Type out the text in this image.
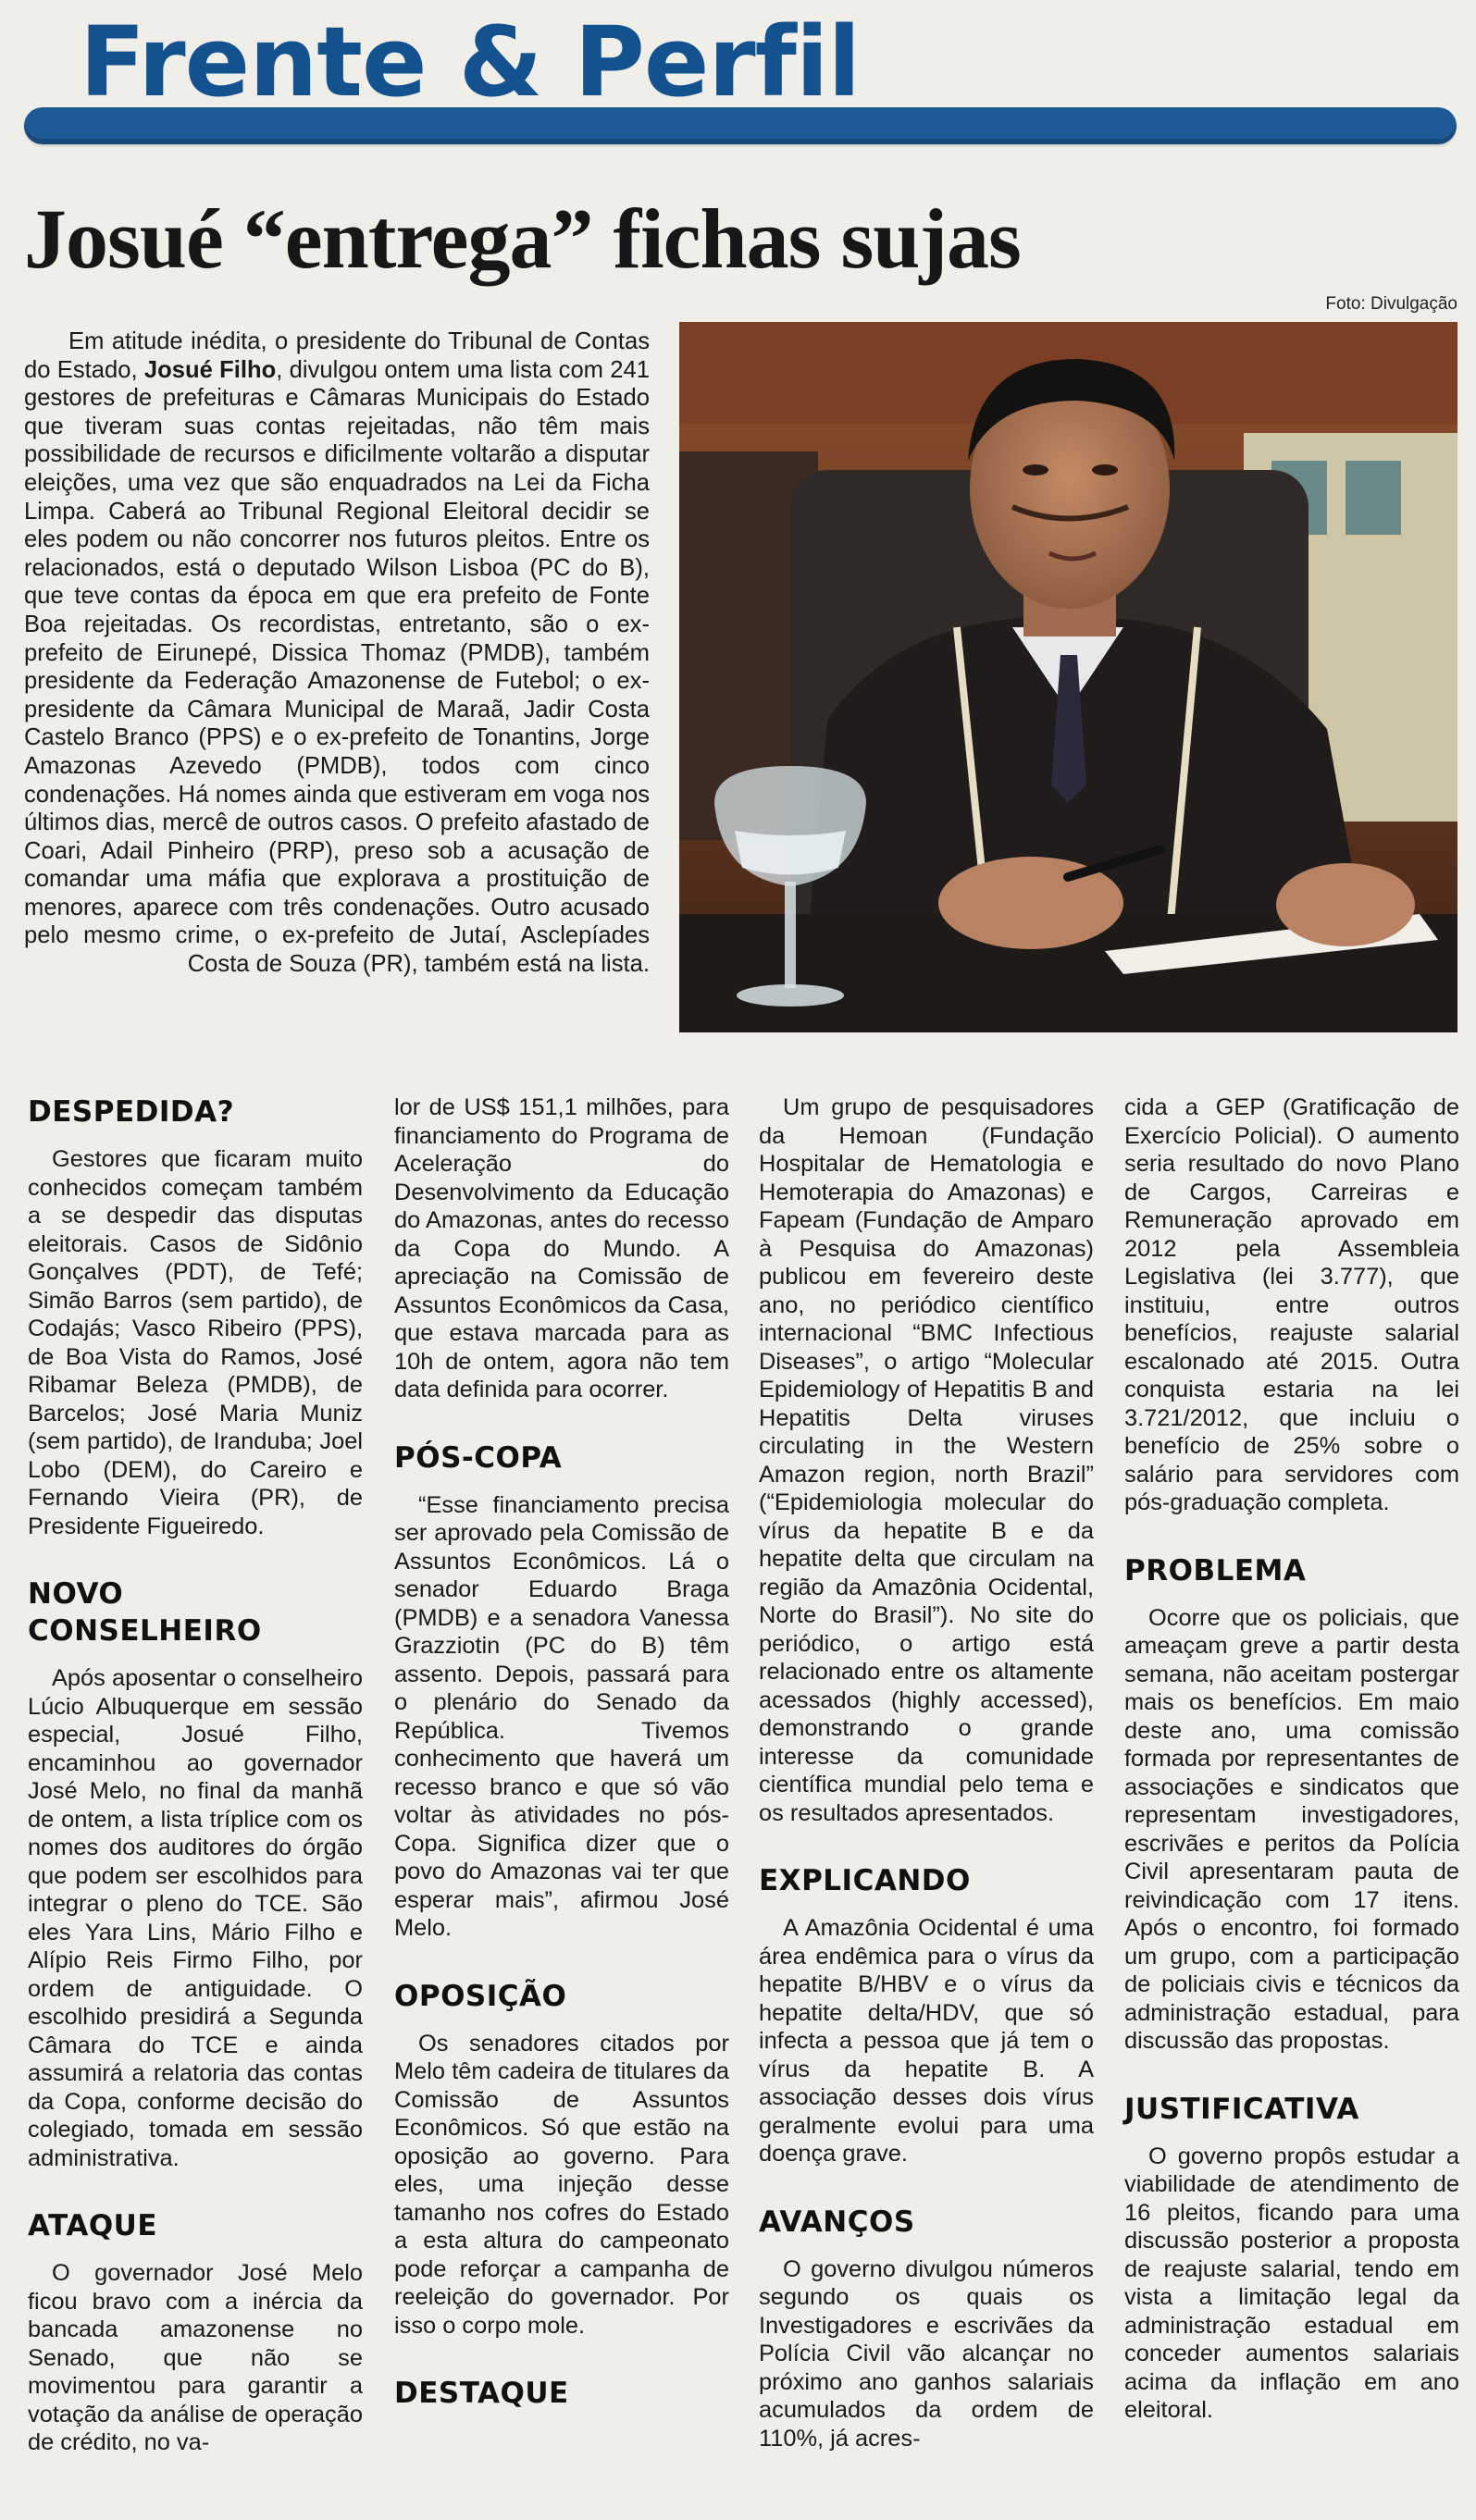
Frente & Perfil
Josué “entrega” fichas sujas
Foto: Divulgação

Em atitude inédita, o presidente do Tribunal de Contas do Estado, Josué Filho, divulgou ontem uma lista com 241 gestores de prefeituras e Câmaras Municipais do Estado que tiveram suas contas rejeitadas, não têm mais possibilidade de recursos e dificilmente voltarão a disputar eleições, uma vez que são enquadrados na Lei da Ficha Limpa. Caberá ao Tribunal Regional Eleitoral decidir se eles podem ou não concorrer nos futuros pleitos. Entre os relacionados, está o deputado Wilson Lisboa (PC do B), que teve contas da época em que era prefeito de Fonte Boa rejeitadas. Os recordistas, entretanto, são o ex-prefeito de Eirunepé, Dissica Thomaz (PMDB), também presidente da Federação Amazonense de Futebol; o ex-presidente da Câmara Municipal de Maraã, Jadir Costa Castelo Branco (PPS) e o ex-prefeito de Tonantins, Jorge Amazonas Azevedo (PMDB), todos com cinco condenações. Há nomes ainda que estiveram em voga nos últimos dias, mercê de outros casos. O prefeito afastado de Coari, Adail Pinheiro (PRP), preso sob a acusação de comandar uma máfia que explorava a prostituição de menores, aparece com três condenações. Outro acusado pelo mesmo crime, o ex-prefeito de Jutaí, Asclepíades Costa de Souza (PR), também está na lista.

DESPEDIDA?

Gestores que ficaram muito conhecidos começam também a se despedir das disputas eleitorais. Casos de Sidônio Gonçalves (PDT), de Tefé; Simão Barros (sem partido), de Codajás; Vasco Ribeiro (PPS), de Boa Vista do Ramos, José Ribamar Beleza (PMDB), de Barcelos; José Maria Muniz (sem partido), de Iranduba; Joel Lobo (DEM), do Careiro e Fernando Vieira (PR), de Presidente Figueiredo.

NOVO CONSELHEIRO

Após aposentar o conselheiro Lúcio Albuquerque em sessão especial, Josué Filho, encaminhou ao governador José Melo, no final da manhã de ontem, a lista tríplice com os nomes dos auditores do órgão que podem ser escolhidos para integrar o pleno do TCE. São eles Yara Lins, Mário Filho e Alípio Reis Firmo Filho, por ordem de antiguidade. O escolhido presidirá a Segunda Câmara do TCE e ainda assumirá a relatoria das contas da Copa, conforme decisão do colegiado, tomada em sessão administrativa.

ATAQUE

O governador José Melo ficou bravo com a inércia da bancada amazonense no Senado, que não se movimentou para garantir a votação da análise de operação de crédito, no va-

lor de US$ 151,1 milhões, para financiamento do Programa de Aceleração do Desenvolvimento da Educação do Amazonas, antes do recesso da Copa do Mundo. A apreciação na Comissão de Assuntos Econômicos da Casa, que estava marcada para as 10h de ontem, agora não tem data definida para ocorrer.

PÓS-COPA

“Esse financiamento precisa ser aprovado pela Comissão de Assuntos Econômicos. Lá o senador Eduardo Braga (PMDB) e a senadora Vanessa Grazziotin (PC do B) têm assento. Depois, passará para o plenário do Senado da República. Tivemos conhecimento que haverá um recesso branco e que só vão voltar às atividades no pós-Copa. Significa dizer que o povo do Amazonas vai ter que esperar mais”, afirmou José Melo.

OPOSIÇÃO

Os senadores citados por Melo têm cadeira de titulares da Comissão de Assuntos Econômicos. Só que estão na oposição ao governo. Para eles, uma injeção desse tamanho nos cofres do Estado a esta altura do campeonato pode reforçar a campanha de reeleição do governador. Por isso o corpo mole.

DESTAQUE

Um grupo de pesquisadores da Hemoan (Fundação Hospitalar de Hematologia e Hemoterapia do Amazonas) e Fapeam (Fundação de Amparo à Pesquisa do Amazonas) publicou em fevereiro deste ano, no periódico científico internacional “BMC Infectious Diseases”, o artigo “Molecular Epidemiology of Hepatitis B and Hepatitis Delta viruses circulating in the Western Amazon region, north Brazil” (“Epidemiologia molecular do vírus da hepatite B e da hepatite delta que circulam na região da Amazônia Ocidental, Norte do Brasil”). No site do periódico, o artigo está relacionado entre os altamente acessados (highly accessed), demonstrando o grande interesse da comunidade científica mundial pelo tema e os resultados apresentados.

EXPLICANDO

A Amazônia Ocidental é uma área endêmica para o vírus da hepatite B/HBV e o vírus da hepatite delta/HDV, que só infecta a pessoa que já tem o vírus da hepatite B. A associação desses dois vírus geralmente evolui para uma doença grave.

AVANÇOS

O governo divulgou números segundo os quais os Investigadores e escrivães da Polícia Civil vão alcançar no próximo ano ganhos salariais acumulados da ordem de 110%, já acres-

cida a GEP (Gratificação de Exercício Policial). O aumento seria resultado do novo Plano de Cargos, Carreiras e Remuneração aprovado em 2012 pela Assembleia Legislativa (lei 3.777), que instituiu, entre outros benefícios, reajuste salarial escalonado até 2015. Outra conquista estaria na lei 3.721/2012, que incluiu o benefício de 25% sobre o salário para servidores com pós-graduação completa.

PROBLEMA

Ocorre que os policiais, que ameaçam greve a partir desta semana, não aceitam postergar mais os benefícios. Em maio deste ano, uma comissão formada por representantes de associações e sindicatos que representam investigadores, escrivães e peritos da Polícia Civil apresentaram pauta de reivindicação com 17 itens. Após o encontro, foi formado um grupo, com a participação de policiais civis e técnicos da administração estadual, para discussão das propostas.

JUSTIFICATIVA

O governo propôs estudar a viabilidade de atendimento de 16 pleitos, ficando para uma discussão posterior a proposta de reajuste salarial, tendo em vista a limitação legal da administração estadual em conceder aumentos salariais acima da inflação em ano eleitoral.
